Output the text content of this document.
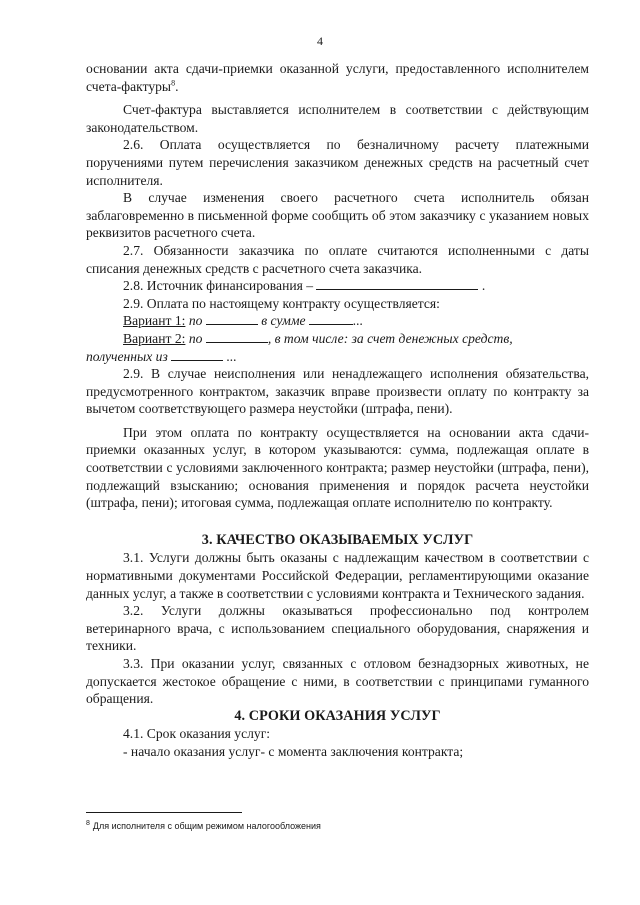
4

основании акта сдачи-приемки оказанной услуги, предоставленного исполнителем счета-фактуры$^8$.

Счет-фактура выставляется исполнителем в соответствии с действующим законодательством.

2.6. Оплата осуществляется по безналичному расчету платежными поручениями путем перечисления заказчиком денежных средств на расчетный счет исполнителя.

В случае изменения своего расчетного счета исполнитель обязан заблаговременно в письменной форме сообщить об этом заказчику с указанием новых реквизитов расчетного счета.

2.7. Обязанности заказчика по оплате считаются исполненными с даты списания денежных средств с расчетного счета заказчика.

2.8. Источник финансирования –	.

2.9. Оплата по настоящему контракту осуществляется:

Вариант 1: по	в сумме	...

Вариант 2: по	, в том числе: за счет денежных средств,

полученных из	...

2.9. В случае неисполнения или ненадлежащего исполнения обязательства, предусмотренного контрактом, заказчик вправе произвести оплату по контракту за вычетом соответствующего размера неустойки (штрафа, пени).

При этом оплата по контракту осуществляется на основании акта сдачи-приемки оказанных услуг, в котором указываются: сумма, подлежащая оплате в соответствии с условиями заключенного контракта; размер неустойки (штрафа, пени), подлежащий взысканию; основания применения и порядок расчета неустойки (штрафа, пени); итоговая сумма, подлежащая оплате исполнителю по контракту.

3. КАЧЕСТВО ОКАЗЫВАЕМЫХ УСЛУГ

3.1. Услуги должны быть оказаны с надлежащим качеством в соответствии с нормативными документами Российской Федерации, регламентирующими оказание данных услуг, а также в соответствии с условиями контракта и Технического задания.

3.2. Услуги должны оказываться профессионально под контролем ветеринарного врача, с использованием специального оборудования, снаряжения и техники.

3.3. При оказании услуг, связанных с отловом безнадзорных животных, не допускается жестокое обращение с ними, в соответствии с принципами гуманного обращения.

4. СРОКИ ОКАЗАНИЯ УСЛУГ

4.1. Срок оказания услуг:

- начало оказания услуг- с момента заключения контракта;

$^8$ Для исполнителя с общим режимом налогообложения
